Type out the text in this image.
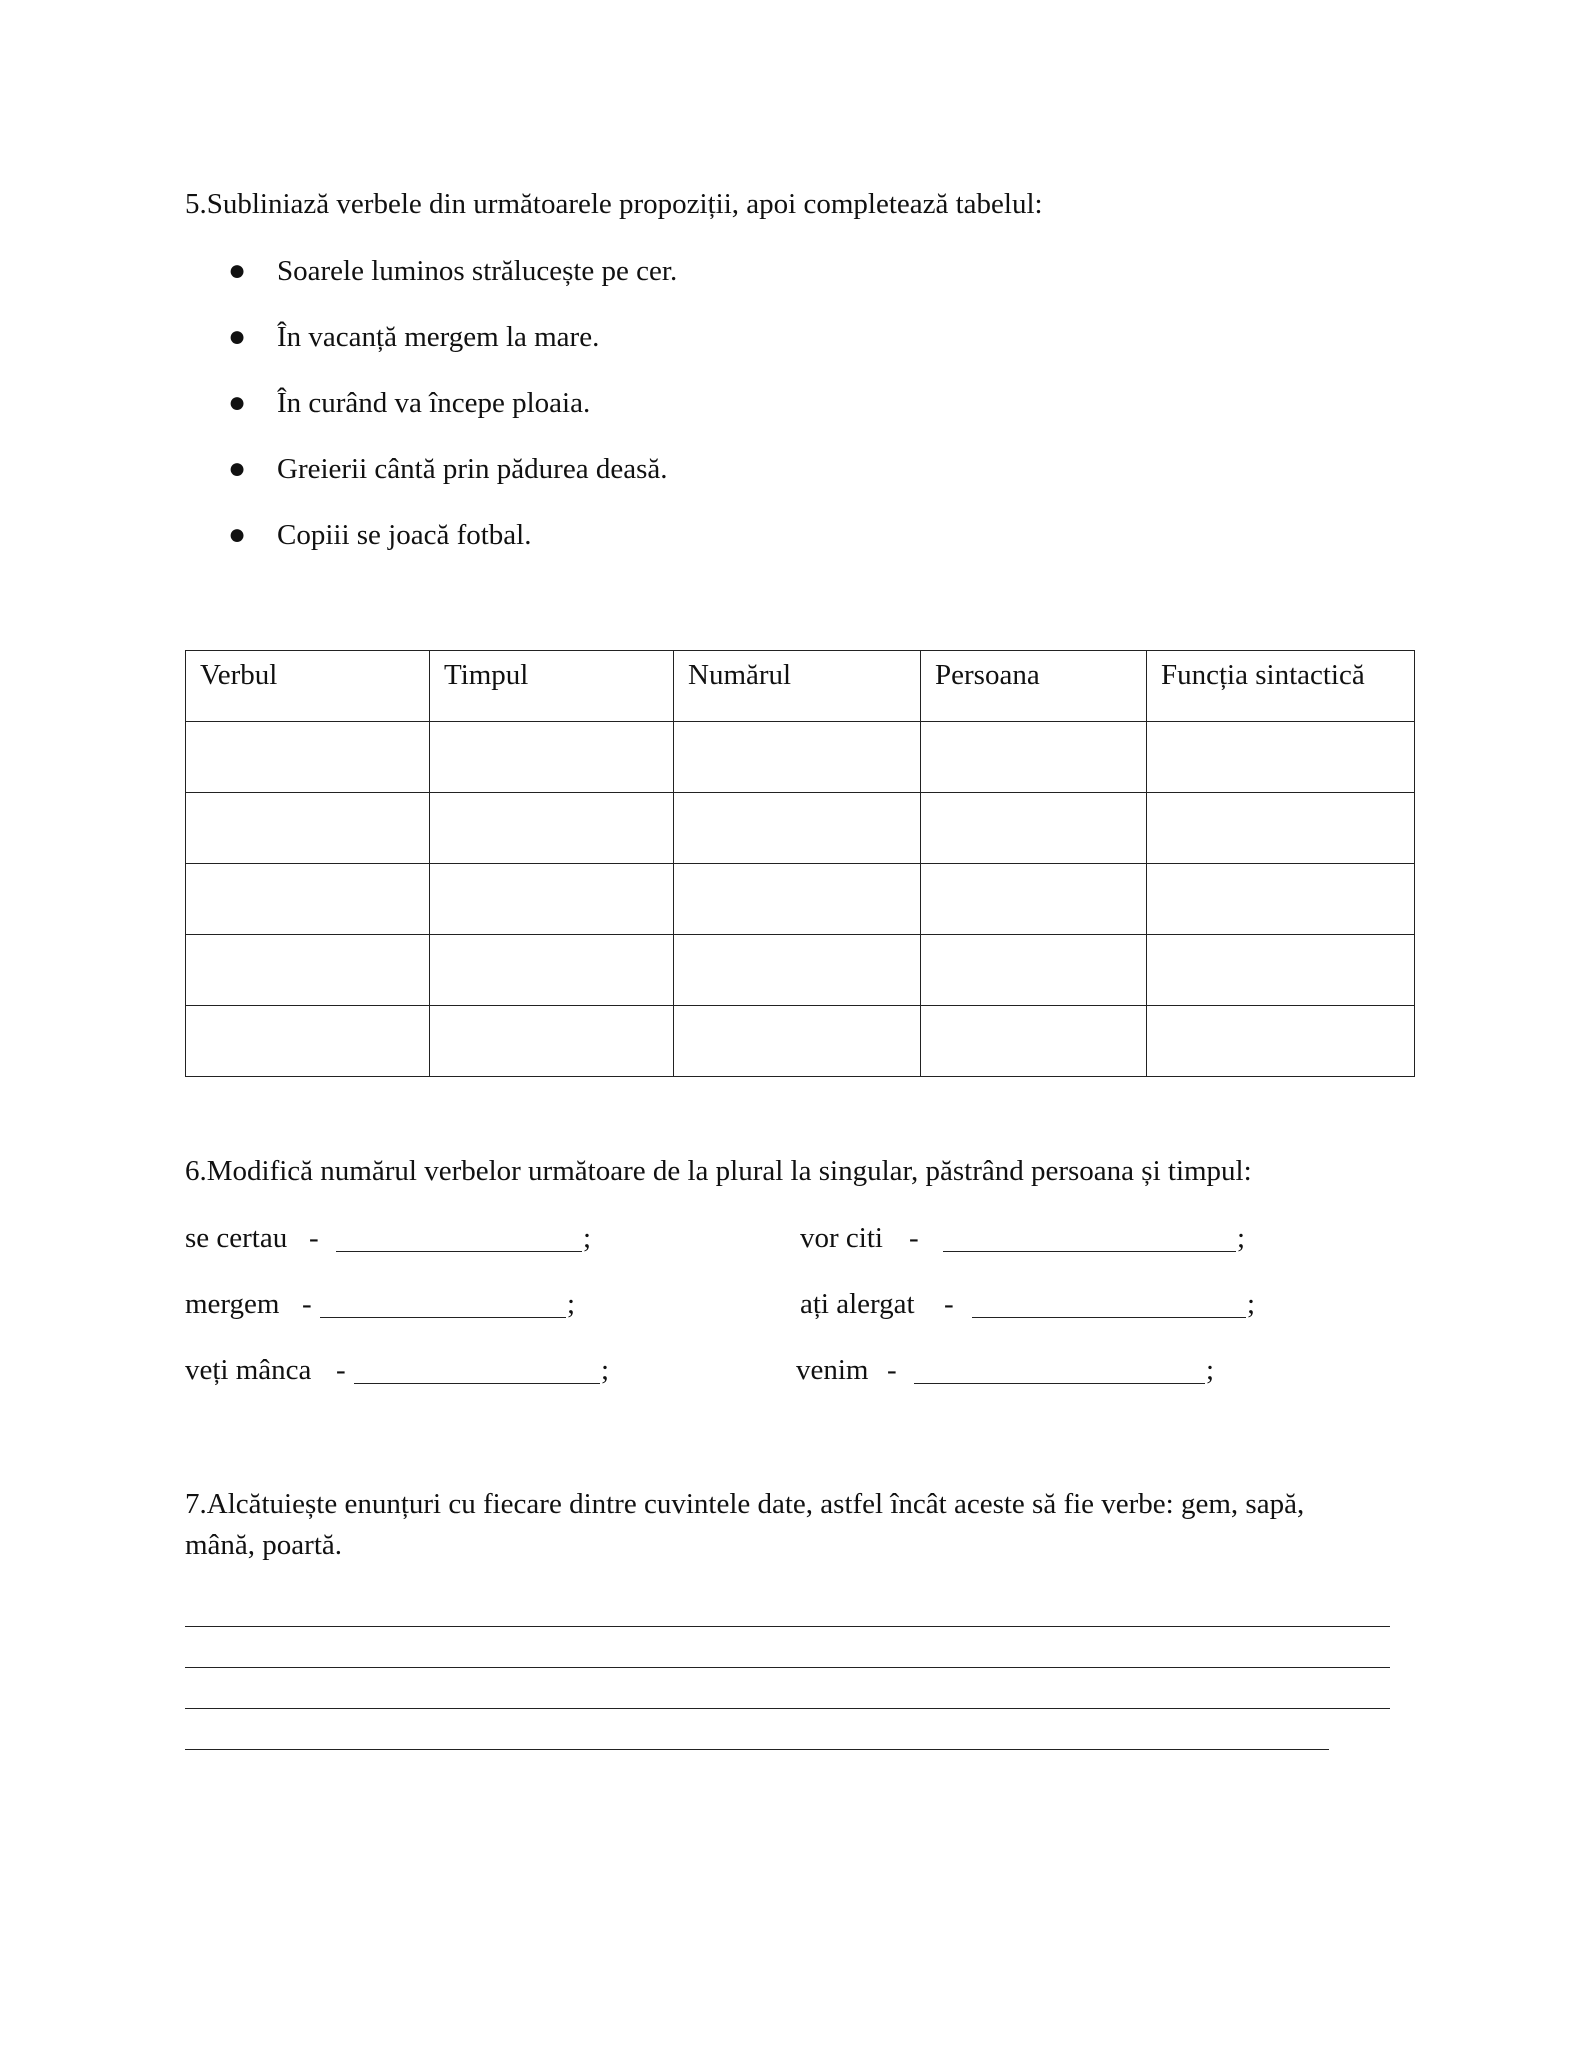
5.Subliniază verbele din următoarele propoziții, apoi completează tabelul:
● Soarele luminos strălucește pe cer.
● În vacanță mergem la mare.
● În curând va începe ploaia.
● Greierii cântă prin pădurea deasă.
● Copiii se joacă fotbal.
Verbul	Timpul	Numărul	Persoana	Funcția sintactică

6.Modifică numărul verbelor următoare de la plural la singular, păstrând persoana și timpul:
se certau -	;	vor citi -	;
mergem -	;	ați alergat -	;
veți mânca -	;	venim -	;
7.Alcătuiește enunțuri cu fiecare dintre cuvintele date, astfel încât aceste să fie verbe: gem, sapă,
mână, poartă.
